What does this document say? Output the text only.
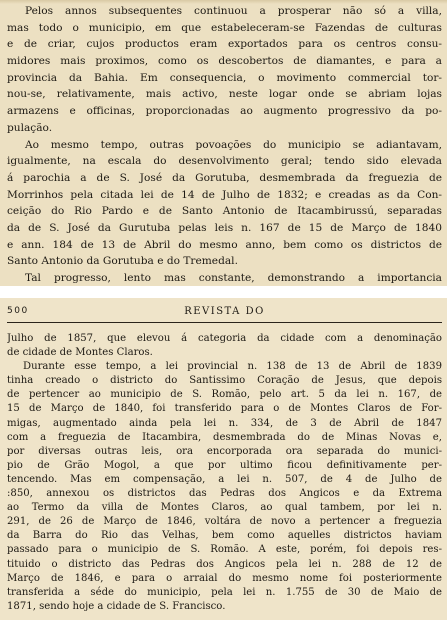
Pelos annos subsequentes continuou a prosperar não só a villa,
mas todo o municipio, em que estabeleceram-se Fazendas de culturas
e de criar, cujos productos eram exportados para os centros consu-
midores mais proximos, como os descobertos de diamantes, e para a
provincia da Bahia. Em consequencia, o movimento commercial tor-
nou-se, relativamente, mais activo, neste logar onde se abriam lojas
armazens e officinas, proporcionadas ao augmento progressivo da po-
pulação.
Ao mesmo tempo, outras povoações do municipio se adiantavam,
igualmente, na escala do desenvolvimento geral; tendo sido elevada
á parochia a de S. José da Gorutuba, desmembrada da freguezia de
Morrinhos pela citada lei de 14 de Julho de 1832; e creadas as da Con-
ceição do Rio Pardo e de Santo Antonio de Itacambirussú, separadas
da de S. José da Gurutuba pelas leis n. 167 de 15 de Março de 1840
e ann. 184 de 13 de Abril do mesmo anno, bem como os districtos de
Santo Antonio da Gorutuba e do Tremedal.
Tal progresso, lento mas constante, demonstrando a importancia
500	REVISTA DO
Julho de 1857, que elevou á categoria da cidade com a denominação
de cidade de Montes Claros.
Durante esse tempo, a lei provincial n. 138 de 13 de Abril de 1839
tinha creado o districto do Santissimo Coração de Jesus, que depois
de pertencer ao municipio de S. Romão, pelo art. 5 da lei n. 167, de
15 de Março de 1840, foi transferido para o de Montes Claros de For-
migas, augmentado ainda pela lei n. 334, de 3 de Abril de 1847
com a freguezia de Itacambira, desmembrada do de Minas Novas e,
por diversas outras leis, ora encorporada ora separada do munici-
pio de Grão Mogol, a que por ultimo ficou definitivamente per-
tencendo. Mas em compensação, a lei n. 507, de 4 de Julho de
:850, annexou os districtos das Pedras dos Angicos e da Extrema
ao Termo da villa de Montes Claros, ao qual tambem, por lei n.
291, de 26 de Março de 1846, voltára de novo a pertencer a freguezia
da Barra do Rio das Velhas, bem como aquelles districtos haviam
passado para o municipio de S. Romão. A este, porém, foi depois res-
tituido o districto das Pedras dos Angicos pela lei n. 288 de 12 de
Março de 1846, e para o arraial do mesmo nome foi posteriormente
transferida a séde do municipio, pela lei n. 1.755 de 30 de Maio de
1871, sendo hoje a cidade de S. Francisco.
